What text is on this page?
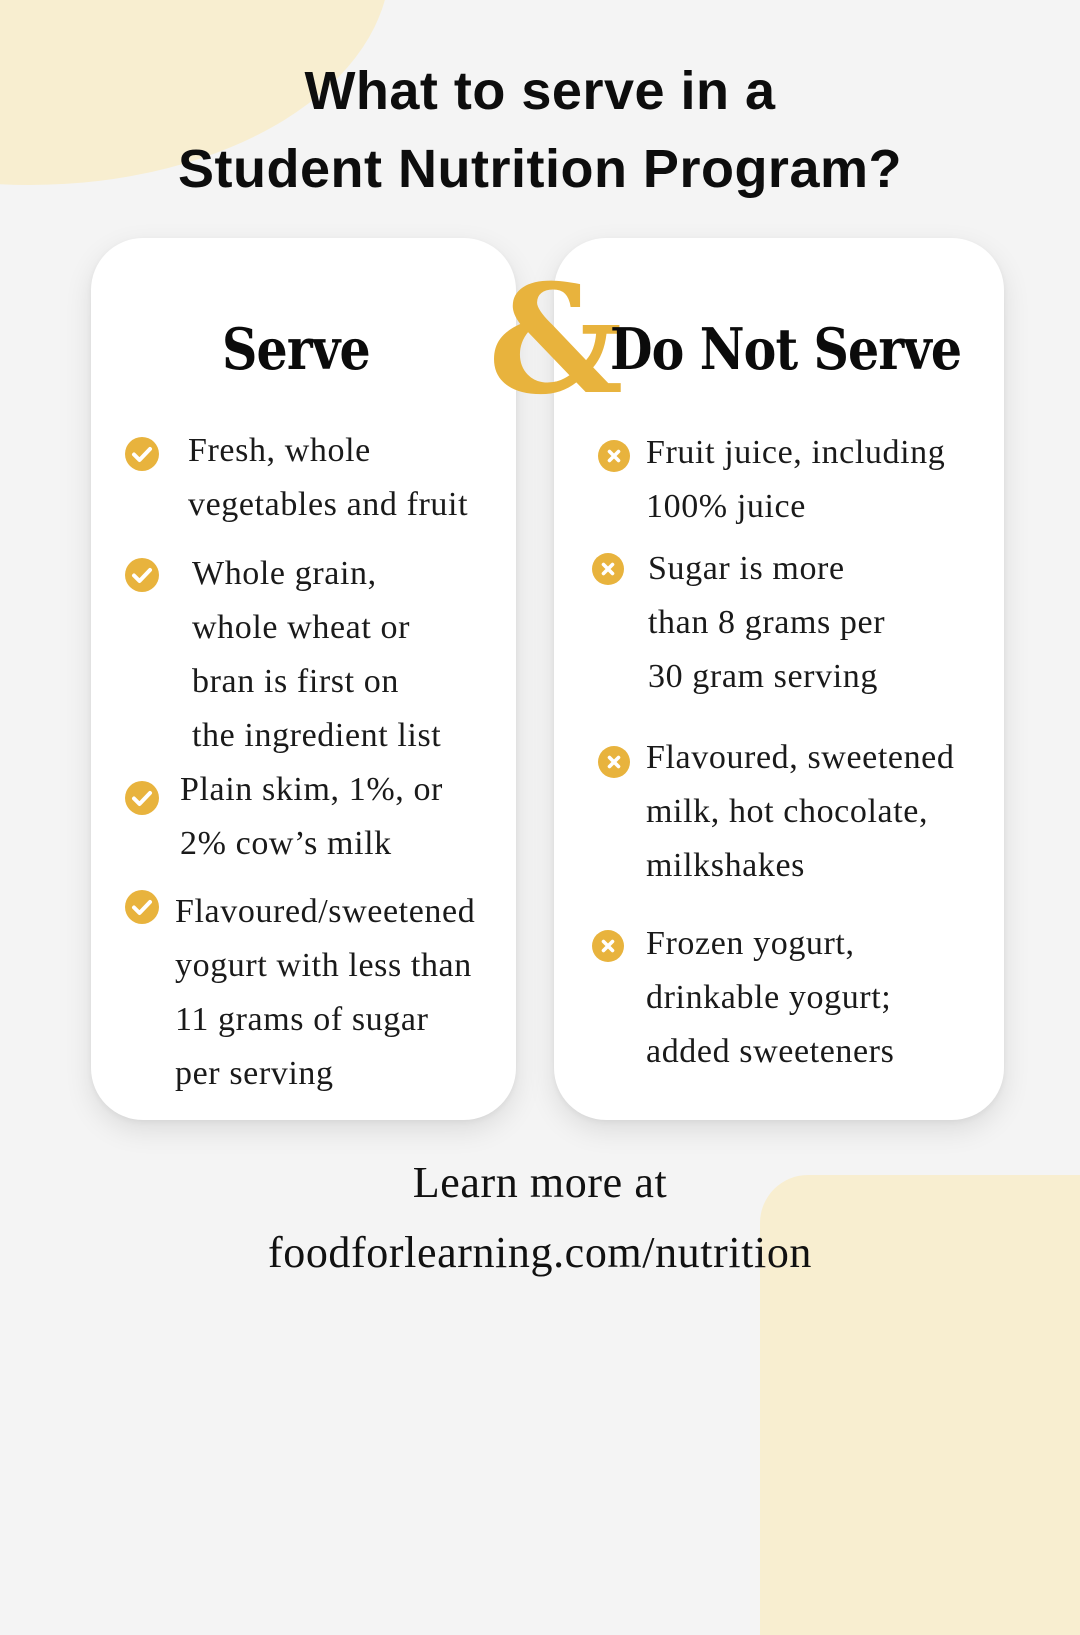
What to serve in a
Student Nutrition Program?
Serve &
Do Not Serve
Fresh, whole
vegetables and fruit
Whole grain,
whole wheat or
bran is first on
the ingredient list
Plain skim, 1%, or
2% cow’s milk
Flavoured/sweetened
yogurt with less than
11 grams of sugar
per serving
Fruit juice, including
100% juice
Sugar is more
than 8 grams per
30 gram serving
Flavoured, sweetened
milk, hot chocolate,
milkshakes
Frozen yogurt,
drinkable yogurt;
added sweeteners
Learn more at
foodforlearning.com/nutrition
